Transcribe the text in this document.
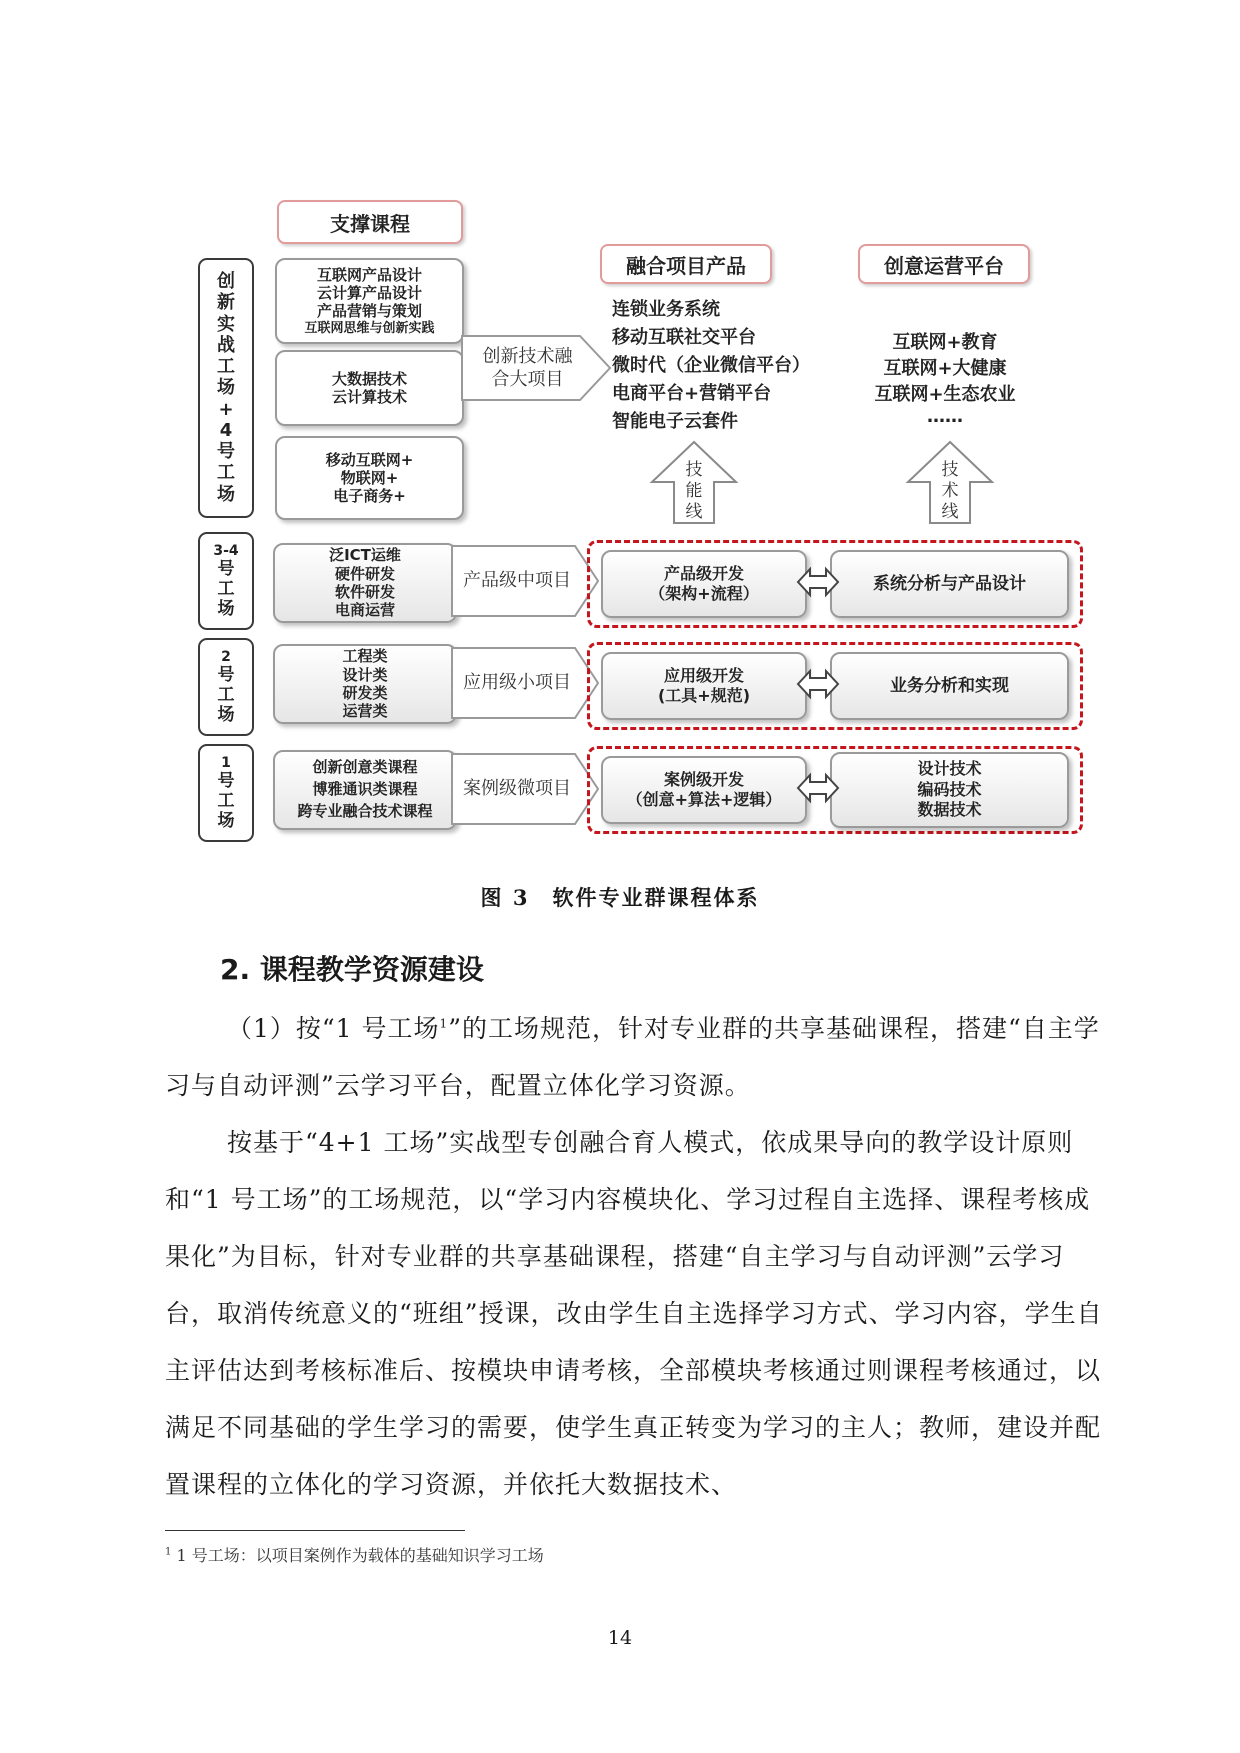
支撑课程
融合项目产品	创意运营平台
创
新
实
战
工
场
+
4
号
工
场
3-4
号
工
场
2
号
工
场
1
号
工
场
互联网产品设计
云计算产品设计
产品营销与策划
互联网思维与创新实践
大数据技术
云计算技术
移动互联网+
物联网+
电子商务+
创新技术融
合大项目
连锁业务系统
移动互联社交平台
微时代（企业微信平台）
电商平台+营销平台
智能电子云套件
互联网+教育
互联网+大健康
互联网+生态农业
……
技
能
线
技
术
线
泛ICT运维
硬件研发
软件研发
电商运营
产品级中项目	产品级开发
（架构+流程）	系统分析与产品设计
工程类
设计类
研发类
运营类
应用级小项目	应用级开发
(工具+规范)	业务分析和实现
创新创意类课程
博雅通识类课程
跨专业融合技术课程
案例级微项目	案例级开发
（创意+算法+逻辑）
设计技术
编码技术
数据技术
图 3　软件专业群课程体系
2. 课程教学资源建设
（1）按“1 号工场$^1$”的工场规范，针对专业群的共享基础课程，搭建“自主学习与自动评测”云学习平台，配置立体化学习资源。
按基于“4+1 工场”实战型专创融合育人模式，依成果导向的教学设计原则和“1 号工场”的工场规范，以“学习内容模块化、学习过程自主选择、课程考核成果化”为目标，针对专业群的共享基础课程，搭建“自主学习与自动评测”云学习台，取消传统意义的“班组”授课，改由学生自主选择学习方式、学习内容，学生自主评估达到考核标准后、按模块申请考核，全部模块考核通过则课程考核通过，以满足不同基础的学生学习的需要，使学生真正转变为学习的主人；教师，建设并配置课程的立体化的学习资源，并依托大数据技术、
$^1$ 1 号工场：以项目案例作为载体的基础知识学习工场
14
